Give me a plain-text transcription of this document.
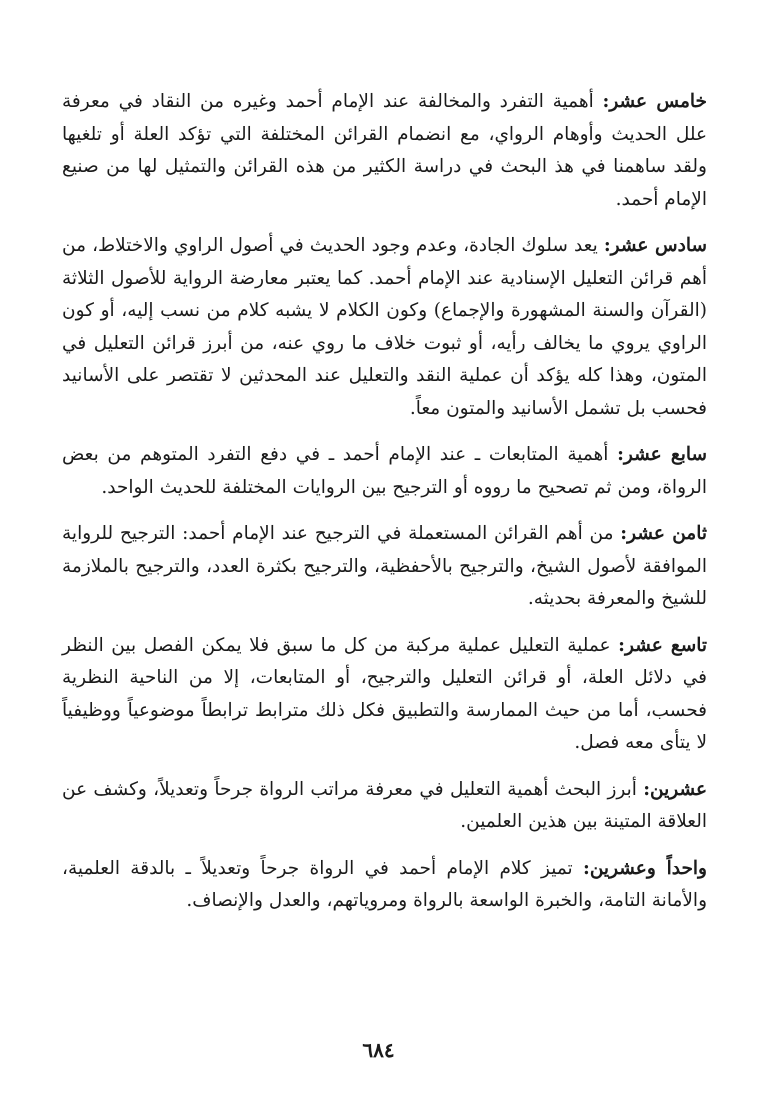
خامس عشر: أهمية التفرد والمخالفة عند الإمام أحمد وغيره من النقاد في معرفة علل الحديث وأوهام الرواي، مع انضمام القرائن المختلفة التي تؤكد العلة أو تلغيها ولقد ساهمنا في هذ البحث في دراسة الكثير من هذه القرائن والتمثيل لها من صنيع الإمام أحمد.

سادس عشر: يعد سلوك الجادة، وعدم وجود الحديث في أصول الراوي والاختلاط، من أهم قرائن التعليل الإسنادية عند الإمام أحمد. كما يعتبر معارضة الرواية للأصول الثلاثة (القرآن والسنة المشهورة والإجماع) وكون الكلام لا يشبه كلام من نسب إليه، أو كون الراوي يروي ما يخالف رأيه، أو ثبوت خلاف ما روي عنه، من أبرز قرائن التعليل في المتون، وهذا كله يؤكد أن عملية النقد والتعليل عند المحدثين لا تقتصر على الأسانيد فحسب بل تشمل الأسانيد والمتون معاً.

سابع عشر: أهمية المتابعات ـ عند الإمام أحمد ـ في دفع التفرد المتوهم من بعض الرواة، ومن ثم تصحيح ما رووه أو الترجيح بين الروايات المختلفة للحديث الواحد.

ثامن عشر: من أهم القرائن المستعملة في الترجيح عند الإمام أحمد: الترجيح للرواية الموافقة لأصول الشيخ، والترجيح بالأحفظية، والترجيح بكثرة العدد، والترجيح بالملازمة للشيخ والمعرفة بحديثه.

تاسع عشر: عملية التعليل عملية مركبة من كل ما سبق فلا يمكن الفصل بين النظر في دلائل العلة، أو قرائن التعليل والترجيح، أو المتابعات، إلا من الناحية النظرية فحسب، أما من حيث الممارسة والتطبيق فكل ذلك مترابط ترابطاً موضوعياً ووظيفياً لا يتأى معه فصل.

عشرين: أبرز البحث أهمية التعليل في معرفة مراتب الرواة جرحاً وتعديلاً، وكشف عن العلاقة المتينة بين هذين العلمين.

واحداً وعشرين: تميز كلام الإمام أحمد في الرواة جرحاً وتعديلاً ـ بالدقة العلمية، والأمانة التامة، والخبرة الواسعة بالرواة ومروياتهم، والعدل والإنصاف.

٦٨٤
